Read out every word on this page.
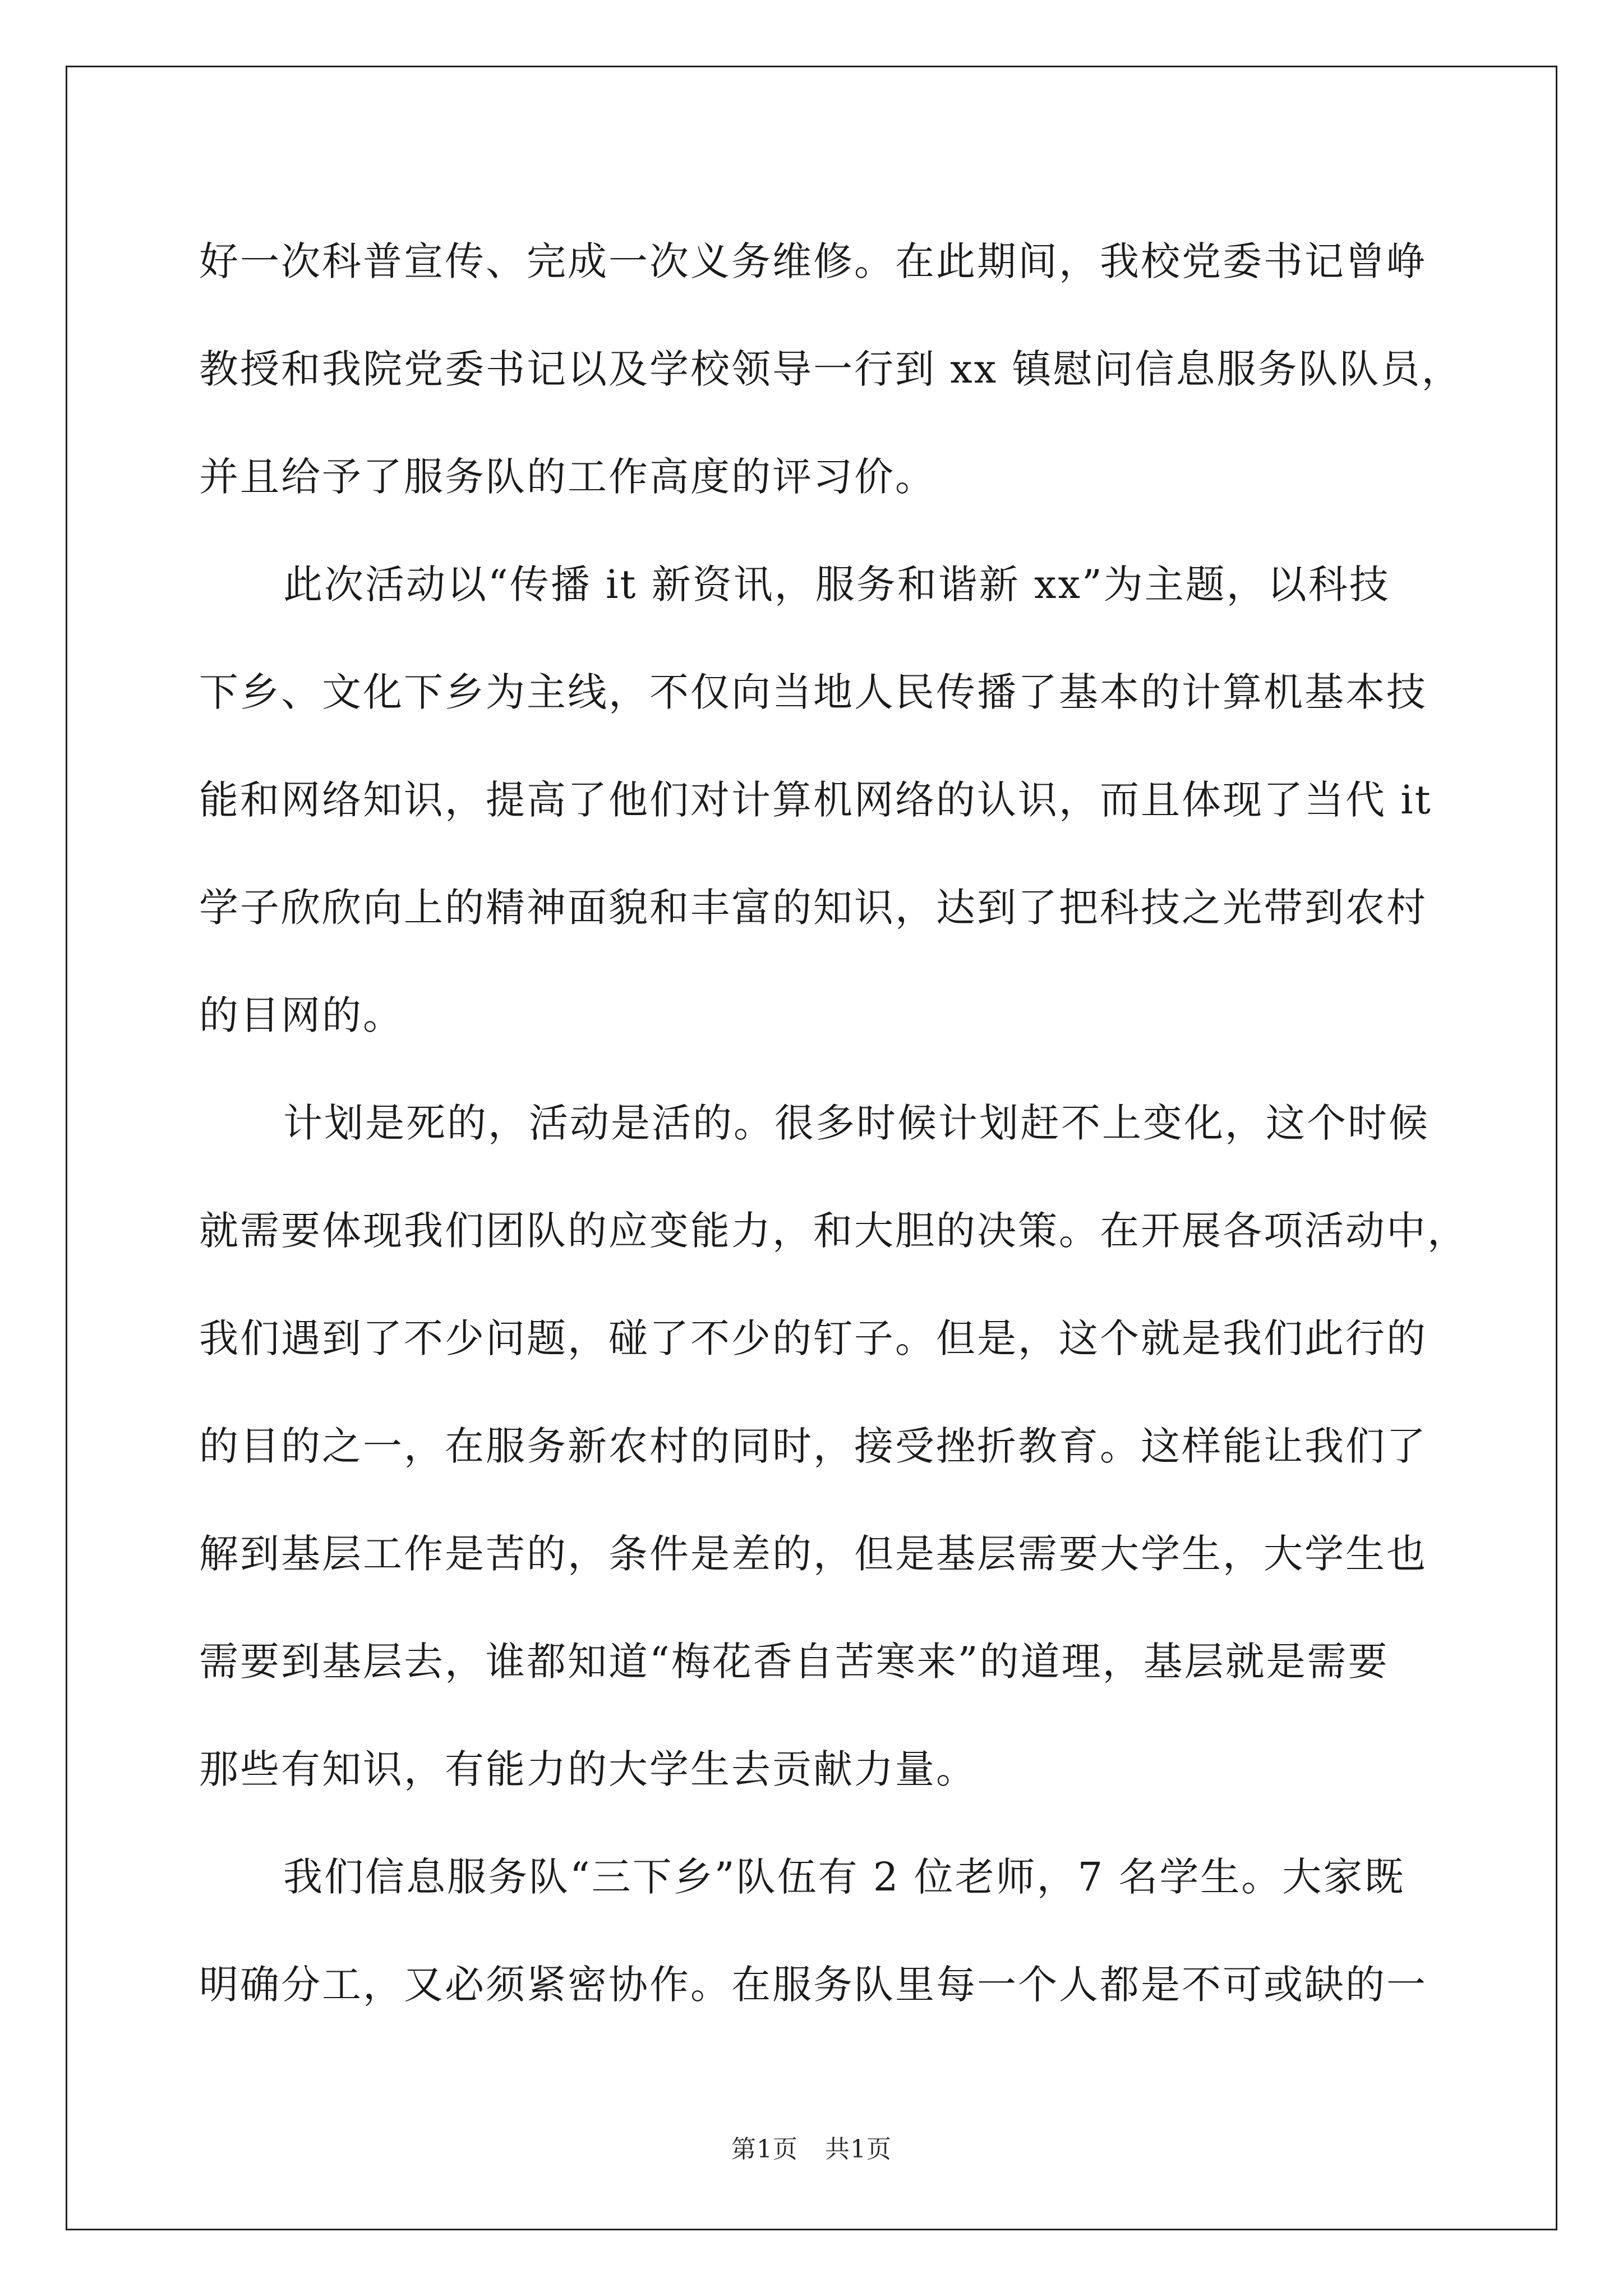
好一次科普宣传、完成一次义务维修。在此期间，我校党委书记曾峥
教授和我院党委书记以及学校领导一行到 xx 镇慰问信息服务队队员，
并且给予了服务队的工作高度的评习价。
此次活动以“传播 it 新资讯，服务和谐新 xx”为主题，以科技
下乡、文化下乡为主线，不仅向当地人民传播了基本的计算机基本技
能和网络知识，提高了他们对计算机网络的认识，而且体现了当代 it
学子欣欣向上的精神面貌和丰富的知识，达到了把科技之光带到农村
的目网的。
计划是死的，活动是活的。很多时候计划赶不上变化，这个时候
就需要体现我们团队的应变能力，和大胆的决策。在开展各项活动中，
我们遇到了不少问题，碰了不少的钉子。但是，这个就是我们此行的
的目的之一，在服务新农村的同时，接受挫折教育。这样能让我们了
解到基层工作是苦的，条件是差的，但是基层需要大学生，大学生也
需要到基层去，谁都知道“梅花香自苦寒来”的道理，基层就是需要
那些有知识，有能力的大学生去贡献力量。
我们信息服务队“三下乡”队伍有 2 位老师，7 名学生。大家既
明确分工，又必须紧密协作。在服务队里每一个人都是不可或缺的一
第1页 共1页
